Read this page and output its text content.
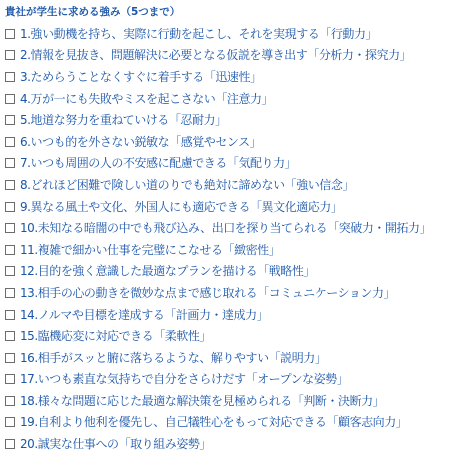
貴社が学生に求める強み（5つまで）
1.強い動機を持ち、実際に行動を起こし、それを実現する「行動力」
2.情報を見抜き、問題解決に必要となる仮説を導き出す「分析力・探究力」
3.ためらうことなくすぐに着手する「迅速性」
4.万が一にも失敗やミスを起こさない「注意力」
5.地道な努力を重ねていける「忍耐力」
6.いつも的を外さない鋭敏な「感覚やセンス」
7.いつも周囲の人の不安感に配慮できる「気配り力」
8.どれほど困難で険しい道のりでも絶対に諦めない「強い信念」
9.異なる風土や文化、外国人にも適応できる「異文化適応力」
10.未知なる暗闇の中でも飛び込み、出口を探り当てられる「突破力・開拓力」
11.複雑で細かい仕事を完璧にこなせる「緻密性」
12.目的を強く意識した最適なプランを描ける「戦略性」
13.相手の心の動きを微妙な点まで感じ取れる「コミュニケーション力」
14.ノルマや目標を達成する「計画力・達成力」
15.臨機応変に対応できる「柔軟性」
16.相手がスッと腑に落ちるような、解りやすい「説明力」
17.いつも素直な気持ちで自分をさらけだす「オープンな姿勢」
18.様々な問題に応じた最適な解決策を見極められる「判断・決断力」
19.自利より他利を優先し、自己犠牲心をもって対応できる「顧客志向力」
20.誠実な仕事への「取り組み姿勢」
